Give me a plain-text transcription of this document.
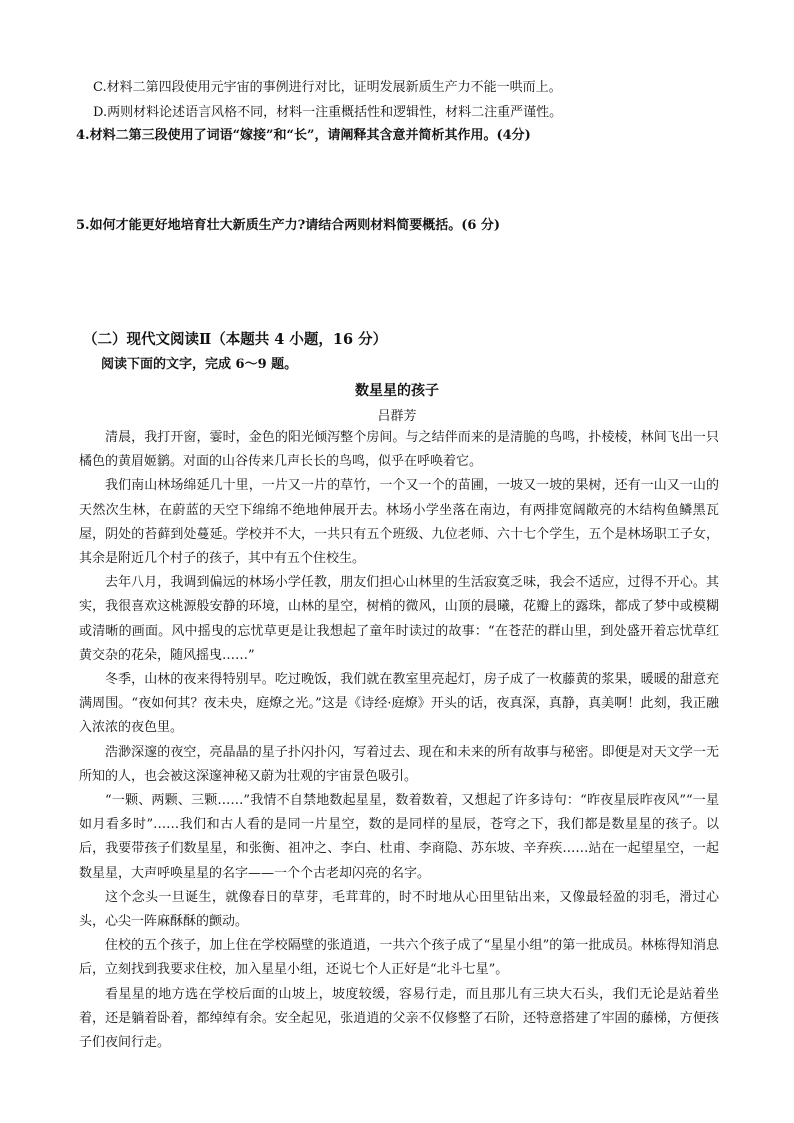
C.材料二第四段使用元宇宙的事例进行对比，证明发展新质生产力不能一哄而上。
D.两则材料论述语言风格不同，材料一注重概括性和逻辑性，材料二注重严谨性。
4.材料二第三段使用了词语“嫁接”和“长”，请阐释其含意并简析其作用。(4分)
5.如何才能更好地培育壮大新质生产力?请结合两则材料简要概括。(6 分)
（二）现代文阅读Ⅱ（本题共 4 小题，16 分）
阅读下面的文字，完成 6～9 题。
数星星的孩子
吕群芳

清晨，我打开窗，霎时，金色的阳光倾泻整个房间。与之结伴而来的是清脆的鸟鸣，扑棱棱，林间飞出一只橘色的黄眉姬鹟。对面的山谷传来几声长长的鸟鸣，似乎在呼唤着它。

我们南山林场绵延几十里，一片又一片的草竹，一个又一个的苗圃，一坡又一坡的果树，还有一山又一山的天然次生林，在蔚蓝的天空下绵绵不绝地伸展开去。林场小学坐落在南边，有两排宽阔敞亮的木结构鱼鳞黑瓦屋，阴处的苔藓到处蔓延。学校并不大，一共只有五个班级、九位老师、六十七个学生，五个是林场职工子女，其余是附近几个村子的孩子，其中有五个住校生。

去年八月，我调到偏远的林场小学任教，朋友们担心山林里的生活寂寞乏味，我会不适应，过得不开心。其实，我很喜欢这桃源般安静的环境，山林的星空，树梢的微风，山顶的晨曦，花瓣上的露珠，都成了梦中或模糊或清晰的画面。风中摇曳的忘忧草更是让我想起了童年时读过的故事：“在苍茫的群山里，到处盛开着忘忧草红黄交杂的花朵，随风摇曳……”

冬季，山林的夜来得特别早。吃过晚饭，我们就在教室里亮起灯，房子成了一枚藤黄的浆果，暖暖的甜意充满周围。“夜如何其？夜未央，庭燎之光。”这是《诗经·庭燎》开头的话，夜真深，真静，真美啊！此刻，我正融入浓浓的夜色里。

浩渺深邃的夜空，亮晶晶的星子扑闪扑闪，写着过去、现在和未来的所有故事与秘密。即便是对天文学一无所知的人，也会被这深邃神秘又蔚为壮观的宇宙景色吸引。

“一颗、两颗、三颗……”我情不自禁地数起星星，数着数着，又想起了许多诗句：“昨夜星辰昨夜风”“一星如月看多时”……我们和古人看的是同一片星空，数的是同样的星辰，苍穹之下，我们都是数星星的孩子。以后，我要带孩子们数星星，和张衡、祖冲之、李白、杜甫、李商隐、苏东坡、辛弃疾……站在一起望星空，一起数星星，大声呼唤星星的名字——一个个古老却闪亮的名字。

这个念头一旦诞生，就像春日的草芽，毛茸茸的，时不时地从心田里钻出来，又像最轻盈的羽毛，滑过心头，心尖一阵麻酥酥的颤动。

住校的五个孩子，加上住在学校隔壁的张逍逍，一共六个孩子成了“星星小组”的第一批成员。林栋得知消息后，立刻找到我要求住校，加入星星小组，还说七个人正好是“北斗七星”。

看星星的地方选在学校后面的山坡上，坡度较缓，容易行走，而且那儿有三块大石头，我们无论是站着坐着，还是躺着卧着，都绰绰有余。安全起见，张逍逍的父亲不仅修整了石阶，还特意搭建了牢固的藤梯，方便孩子们夜间行走。
